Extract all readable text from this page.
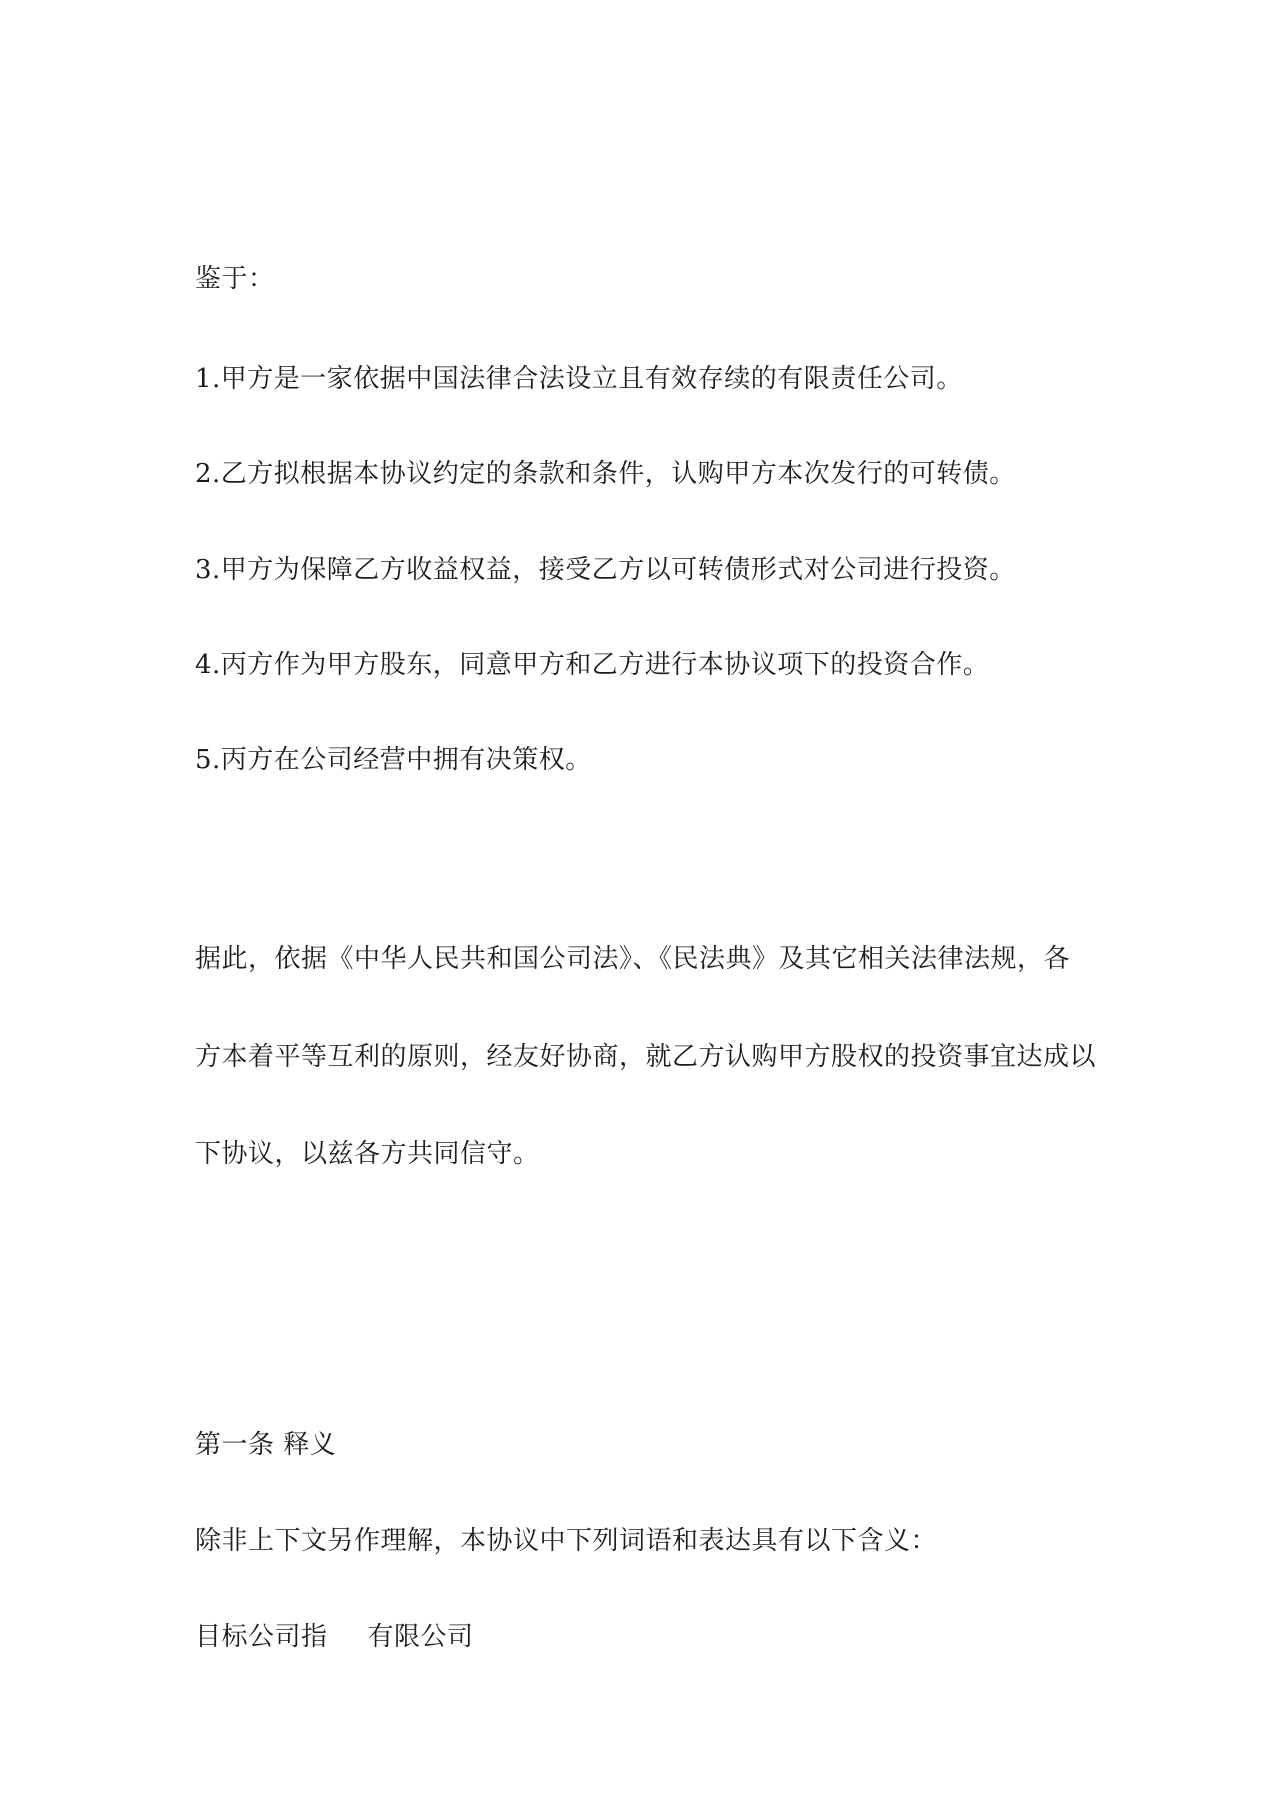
鉴于：
1.甲方是一家依据中国法律合法设立且有效存续的有限责任公司。
2.乙方拟根据本协议约定的条款和条件，认购甲方本次发行的可转债。
3.甲方为保障乙方收益权益，接受乙方以可转债形式对公司进行投资。
4.丙方作为甲方股东，同意甲方和乙方进行本协议项下的投资合作。
5.丙方在公司经营中拥有决策权。
据此，依据《中华人民共和国公司法》、《民法典》及其它相关法律法规，各
方本着平等互利的原则，经友好协商，就乙方认购甲方股权的投资事宜达成以
下协议，以兹各方共同信守。
第一条 释义
除非上下文另作理解，本协议中下列词语和表达具有以下含义：
目标公司指 有限公司
